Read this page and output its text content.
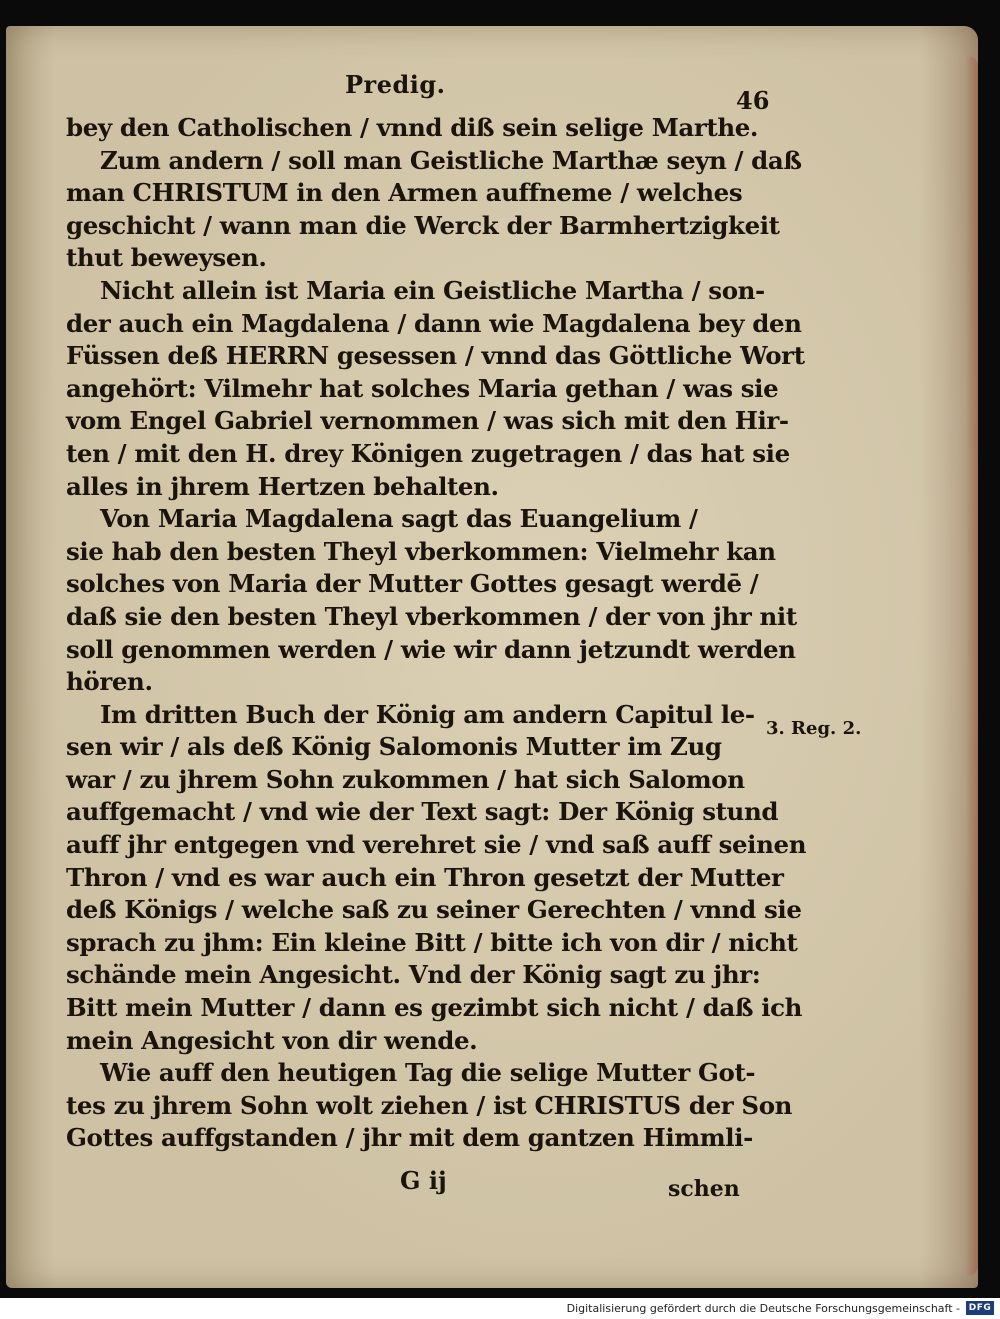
Predig.
46
bey den Catholischen / vnnd diß sein selige Marthe.
Zum andern / soll man Geistliche Marthæ seyn / daß
man CHRISTUM in den Armen auffneme / welches
geschicht / wann man die Werck der Barmhertzigkeit
thut beweysen.
Nicht allein ist Maria ein Geistliche Martha / son-
der auch ein Magdalena / dann wie Magdalena bey den
Füssen deß HERRN gesessen / vnnd das Göttliche Wort
angehört: Vilmehr hat solches Maria gethan / was sie
vom Engel Gabriel vernommen / was sich mit den Hir-
ten / mit den H. drey Königen zugetragen / das hat sie
alles in jhrem Hertzen behalten.
Von Maria Magdalena sagt das Euangelium /
sie hab den besten Theyl vberkommen: Vielmehr kan
solches von Maria der Mutter Gottes gesagt werdē /
daß sie den besten Theyl vberkommen / der von jhr nit
soll genommen werden / wie wir dann jetzundt werden
hören.
Im dritten Buch der König am andern Capitul le-
sen wir / als deß König Salomonis Mutter im Zug
war / zu jhrem Sohn zukommen / hat sich Salomon
auffgemacht / vnd wie der Text sagt: Der König stund
auff jhr entgegen vnd verehret sie / vnd saß auff seinen
Thron / vnd es war auch ein Thron gesetzt der Mutter
deß Königs / welche saß zu seiner Gerechten / vnnd sie
sprach zu jhm: Ein kleine Bitt / bitte ich von dir / nicht
schände mein Angesicht. Vnd der König sagt zu jhr:
Bitt mein Mutter / dann es gezimbt sich nicht / daß ich
mein Angesicht von dir wende.
Wie auff den heutigen Tag die selige Mutter Got-
tes zu jhrem Sohn wolt ziehen / ist CHRISTUS der Son
Gottes auffgstanden / jhr mit dem gantzen Himmli-
3. Reg. 2.
G ij	schen
Digitalisierung gefördert durch die Deutsche Forschungsgemeinschaft - DFG
